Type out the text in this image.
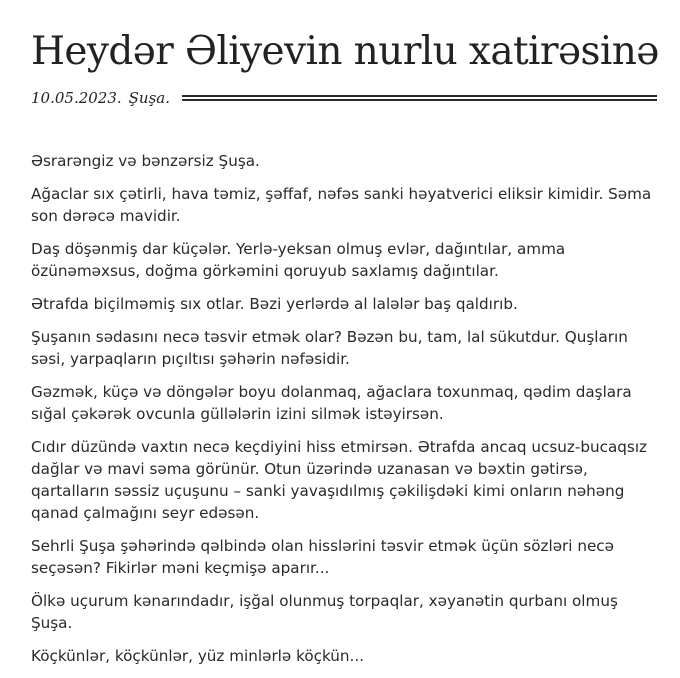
Heydər Əliyevin nurlu xatirəsinə
10.05.2023. Şuşa.

Əsrarəngiz və bənzərsiz Şuşa.

Ağaclar sıx çətirli, hava təmiz, şəffaf, nəfəs sanki həyatverici eliksir kimidir. Səma son dərəcə mavidir.

Daş döşənmiş dar küçələr. Yerlə-yeksan olmuş evlər, dağıntılar, amma özünəməxsus, doğma görkəmini qoruyub saxlamış dağıntılar.

Ətrafda biçilməmiş sıx otlar. Bəzi yerlərdə al lalələr baş qaldırıb.

Şuşanın sədasını necə təsvir etmək olar? Bəzən bu, tam, lal sükutdur. Quşların səsi, yarpaqların pıçıltısı şəhərin nəfəsidir.

Gəzmək, küçə və döngələr boyu dolanmaq, ağaclara toxunmaq, qədim daşlara sığal çəkərək ovcunla güllələrin izini silmək istəyirsən.

Cıdır düzündə vaxtın necə keçdiyini hiss etmirsən. Ətrafda ancaq ucsuz-bucaqsız dağlar və mavi səma görünür. Otun üzərində uzanasan və bəxtin gətirsə, qartalların səssiz uçuşunu – sanki yavaşıdılmış çəkilişdəki kimi onların nəhəng qanad çalmağını seyr edəsən.

Sehrli Şuşa şəhərində qəlbində olan hisslərini təsvir etmək üçün sözləri necə seçəsən? Fikirlər məni keçmişə aparır...

Ölkə uçurum kənarındadır, işğal olunmuş torpaqlar, xəyanətin qurbanı olmuş Şuşa.

Köçkünlər, köçkünlər, yüz minlərlə köçkün...
